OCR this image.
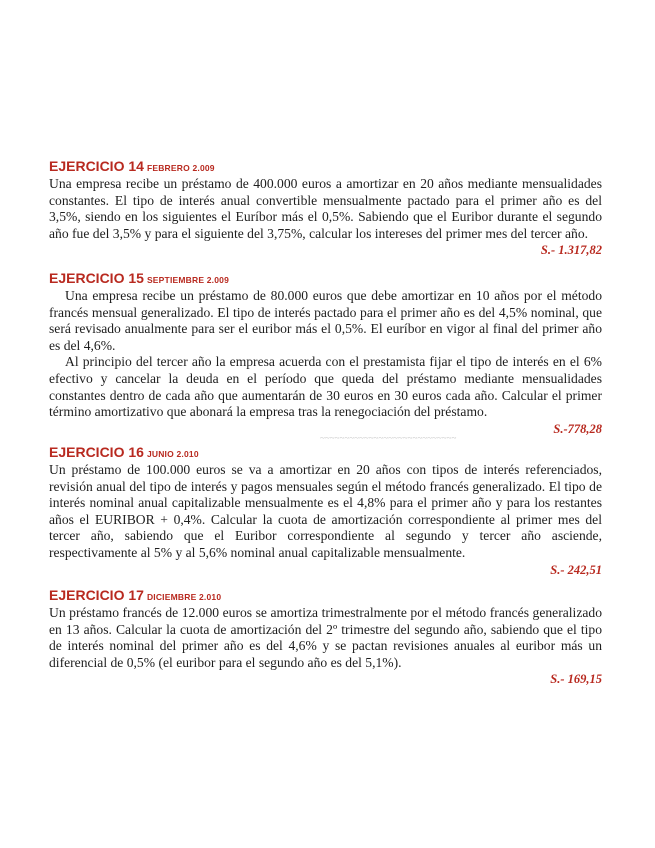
~~~~~~~~~~~~~~~~~~~~~~~~~~~~
EJERCICIO 14 FEBRERO 2.009

Una empresa recibe un préstamo de 400.000 euros a amortizar en 20 años mediante mensualidades constantes. El tipo de interés anual convertible mensualmente pactado para el primer año es del 3,5%, siendo en los siguientes el Euríbor más el 0,5%. Sabiendo que el Euribor durante el segundo año fue del 3,5% y para el siguiente del 3,75%, calcular los intereses del primer mes del tercer año.

S.- 1.317,82
EJERCICIO 15 SEPTIEMBRE 2.009

Una empresa recibe un préstamo de 80.000 euros que debe amortizar en 10 años por el método francés mensual generalizado. El tipo de interés pactado para el primer año es del 4,5% nominal, que será revisado anualmente para ser el euribor más el 0,5%. El euríbor en vigor al final del primer año es del 4,6%.

Al principio del tercer año la empresa acuerda con el prestamista fijar el tipo de interés en el 6% efectivo y cancelar la deuda en el período que queda del préstamo mediante mensualidades constantes dentro de cada año que aumentarán de 30 euros en 30 euros cada año. Calcular el primer término amortizativo que abonará la empresa tras la renegociación del préstamo.

S.-778,28
EJERCICIO 16 JUNIO 2.010

Un préstamo de 100.000 euros se va a amortizar en 20 años con tipos de interés referenciados, revisión anual del tipo de interés y pagos mensuales según el método francés generalizado. El tipo de interés nominal anual capitalizable mensualmente es el 4,8% para el primer año y para los restantes años el EURIBOR + 0,4%. Calcular la cuota de amortización correspondiente al primer mes del tercer año, sabiendo que el Euribor correspondiente al segundo y tercer año asciende, respectivamente al 5% y al 5,6% nominal anual capitalizable mensualmente.

S.- 242,51
EJERCICIO 17 DICIEMBRE 2.010

Un préstamo francés de 12.000 euros se amortiza trimestralmente por el método francés generalizado en 13 años. Calcular la cuota de amortización del 2º trimestre del segundo año, sabiendo que el tipo de interés nominal del primer año es del 4,6% y se pactan revisiones anuales al euribor más un diferencial de 0,5% (el euribor para el segundo año es del 5,1%).

S.- 169,15
